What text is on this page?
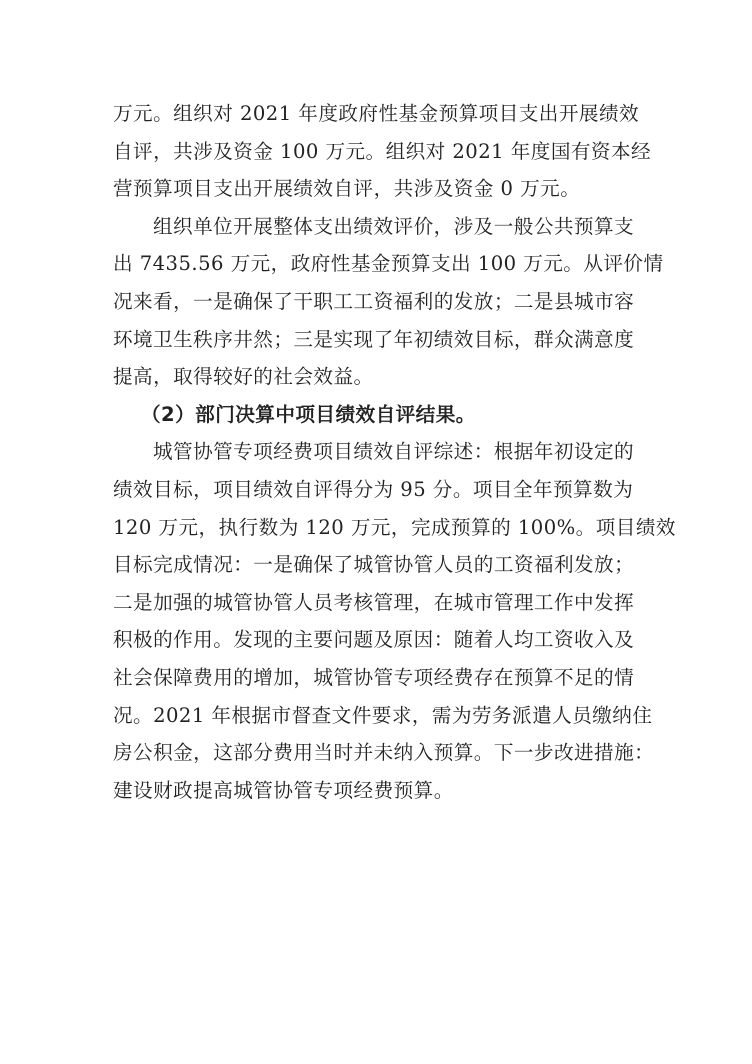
万元。组织对 2021 年度政府性基金预算项目支出开展绩效
自评，共涉及资金 100 万元。组织对 2021 年度国有资本经
营预算项目支出开展绩效自评，共涉及资金 0 万元。
组织单位开展整体支出绩效评价，涉及一般公共预算支
出 7435.56 万元，政府性基金预算支出 100 万元。从评价情
况来看，一是确保了干职工工资福利的发放；二是县城市容
环境卫生秩序井然；三是实现了年初绩效目标，群众满意度
提高，取得较好的社会效益。
（2）部门决算中项目绩效自评结果。
城管协管专项经费项目绩效自评综述：根据年初设定的
绩效目标，项目绩效自评得分为 95 分。项目全年预算数为
120 万元，执行数为 120 万元，完成预算的 100%。项目绩效
目标完成情况：一是确保了城管协管人员的工资福利发放；
二是加强的城管协管人员考核管理，在城市管理工作中发挥
积极的作用。发现的主要问题及原因：随着人均工资收入及
社会保障费用的增加，城管协管专项经费存在预算不足的情
况。2021 年根据市督查文件要求，需为劳务派遣人员缴纳住
房公积金，这部分费用当时并未纳入预算。下一步改进措施：
建设财政提高城管协管专项经费预算。
